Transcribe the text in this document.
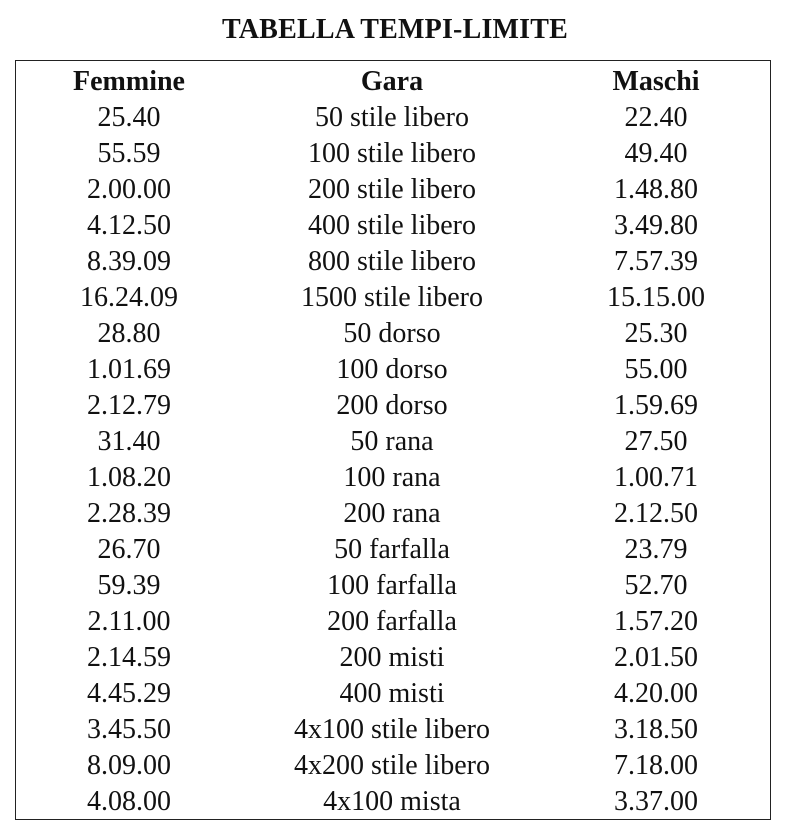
TABELLA TEMPI-LIMITE
Femmine	Gara	Maschi
25.40	50 stile libero	22.40
55.59	100 stile libero	49.40
2.00.00	200 stile libero	1.48.80
4.12.50	400 stile libero	3.49.80
8.39.09	800 stile libero	7.57.39
16.24.09	1500 stile libero	15.15.00
28.80	50 dorso	25.30
1.01.69	100 dorso	55.00
2.12.79	200 dorso	1.59.69
31.40	50 rana	27.50
1.08.20	100 rana	1.00.71
2.28.39	200 rana	2.12.50
26.70	50 farfalla	23.79
59.39	100 farfalla	52.70
2.11.00	200 farfalla	1.57.20
2.14.59	200 misti	2.01.50
4.45.29	400 misti	4.20.00
3.45.50	4x100 stile libero	3.18.50
8.09.00	4x200 stile libero	7.18.00
4.08.00	4x100 mista	3.37.00
